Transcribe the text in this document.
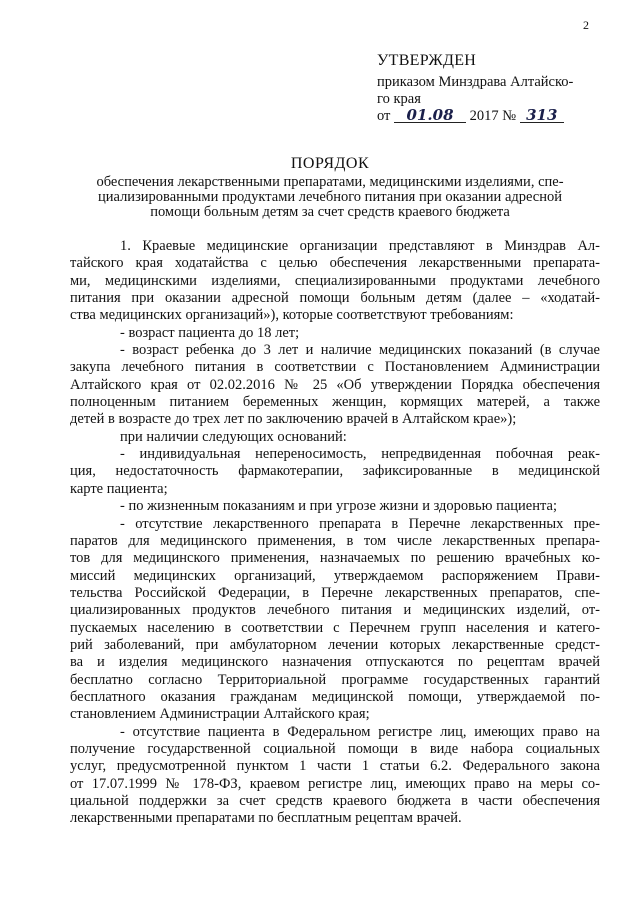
2
УТВЕРЖДЕН
приказом Минздрава Алтайско-
го края
от 01.08 2017 № 313
ПОРЯДОК

обеспечения лекарственными препаратами, медицинскими изделиями, спе-

циализированными продуктами лечебного питания при оказании адресной

помощи больным детям за счет средств краевого бюджета

1. Краевые медицинские организации представляют в Минздрав Ал-

тайского края ходатайства с целью обеспечения лекарственными препарата-

ми, медицинскими изделиями, специализированными продуктами лечебного

питания при оказании адресной помощи больным детям (далее – «ходатай-

ства медицинских организаций»), которые соответствуют требованиям:

- возраст пациента до 18 лет;

- возраст ребенка до 3 лет и наличие медицинских показаний (в случае

закупа лечебного питания в соответствии с Постановлением Администрации

Алтайского края от 02.02.2016 № 25 «Об утверждении Порядка обеспечения

полноценным питанием беременных женщин, кормящих матерей, а также

детей в возрасте до трех лет по заключению врачей в Алтайском крае»);

при наличии следующих оснований:

- индивидуальная непереносимость, непредвиденная побочная реак-

ция, недостаточность фармакотерапии, зафиксированные в медицинской

карте пациента;

- по жизненным показаниям и при угрозе жизни и здоровью пациента;

- отсутствие лекарственного препарата в Перечне лекарственных пре-

паратов для медицинского применения, в том числе лекарственных препара-

тов для медицинского применения, назначаемых по решению врачебных ко-

миссий медицинских организаций, утверждаемом распоряжением Прави-

тельства Российской Федерации, в Перечне лекарственных препаратов, спе-

циализированных продуктов лечебного питания и медицинских изделий, от-

пускаемых населению в соответствии с Перечнем групп населения и катего-

рий заболеваний, при амбулаторном лечении которых лекарственные средст-

ва и изделия медицинского назначения отпускаются по рецептам врачей

бесплатно согласно Территориальной программе государственных гарантий

бесплатного оказания гражданам медицинской помощи, утверждаемой по-

становлением Администрации Алтайского края;

- отсутствие пациента в Федеральном регистре лиц, имеющих право на

получение государственной социальной помощи в виде набора социальных

услуг, предусмотренной пунктом 1 части 1 статьи 6.2. Федерального закона

от 17.07.1999 № 178-ФЗ, краевом регистре лиц, имеющих право на меры со-

циальной поддержки за счет средств краевого бюджета в части обеспечения

лекарственными препаратами по бесплатным рецептам врачей.
